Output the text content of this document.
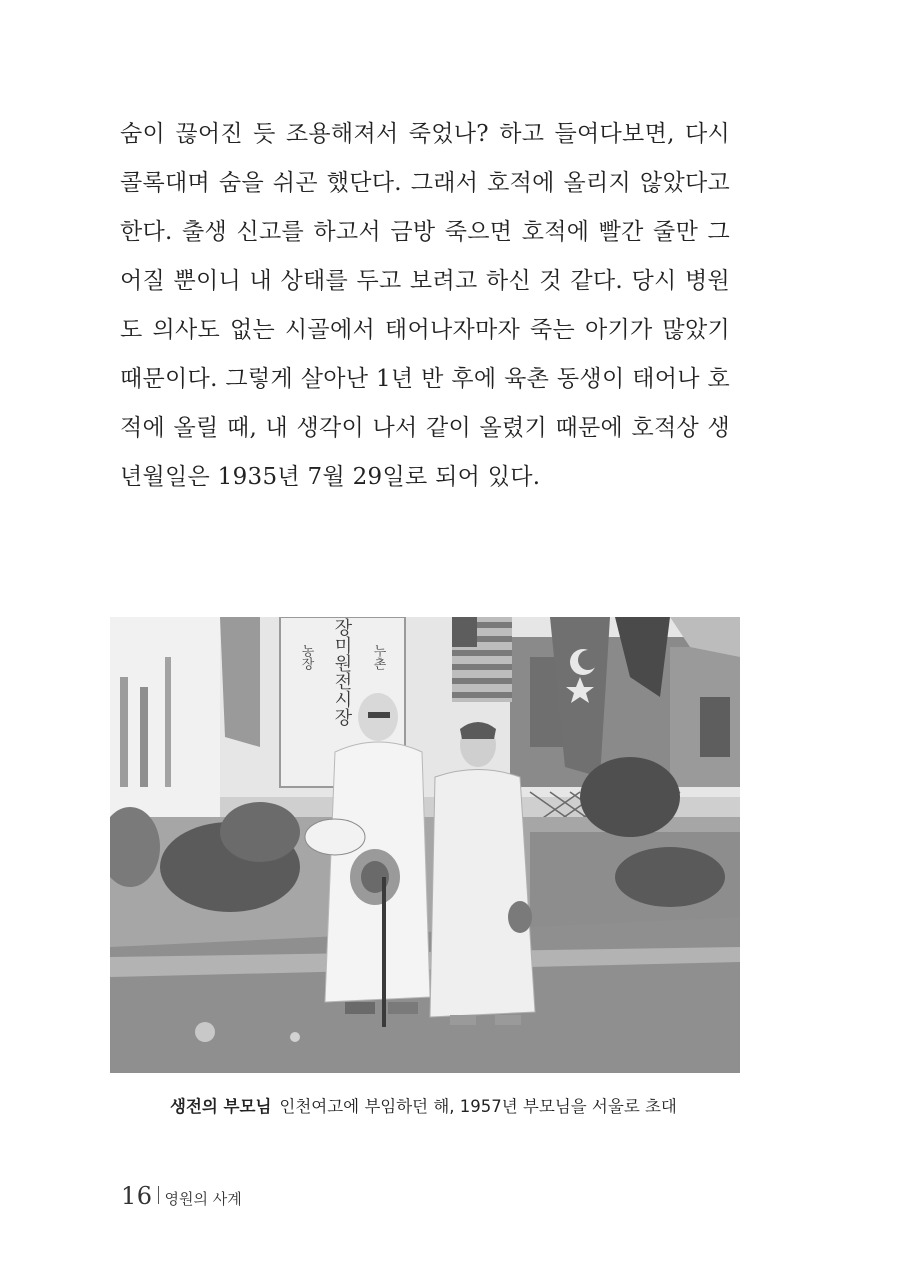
숨이 끊어진 듯 조용해져서 죽었나? 하고 들여다보면, 다시 콜록대며 숨을 쉬곤 했단다. 그래서 호적에 올리지 않았다고 한다. 출생 신고를 하고서 금방 죽으면 호적에 빨간 줄만 그어질 뿐이니 내 상태를 두고 보려고 하신 것 같다. 당시 병원도 의사도 없는 시골에서 태어나자마자 죽는 아기가 많았기 때문이다. 그렇게 살아난 1년 반 후에 육촌 동생이 태어나 호적에 올릴 때, 내 생각이 나서 같이 올렸기 때문에 호적상 생년월일은 1935년 7월 29일로 되어 있다.

장미원전시장
농장	누촌
생전의 부모님 인천여고에 부임하던 해, 1957년 부모님을 서울로 초대
16 영원의 사계
